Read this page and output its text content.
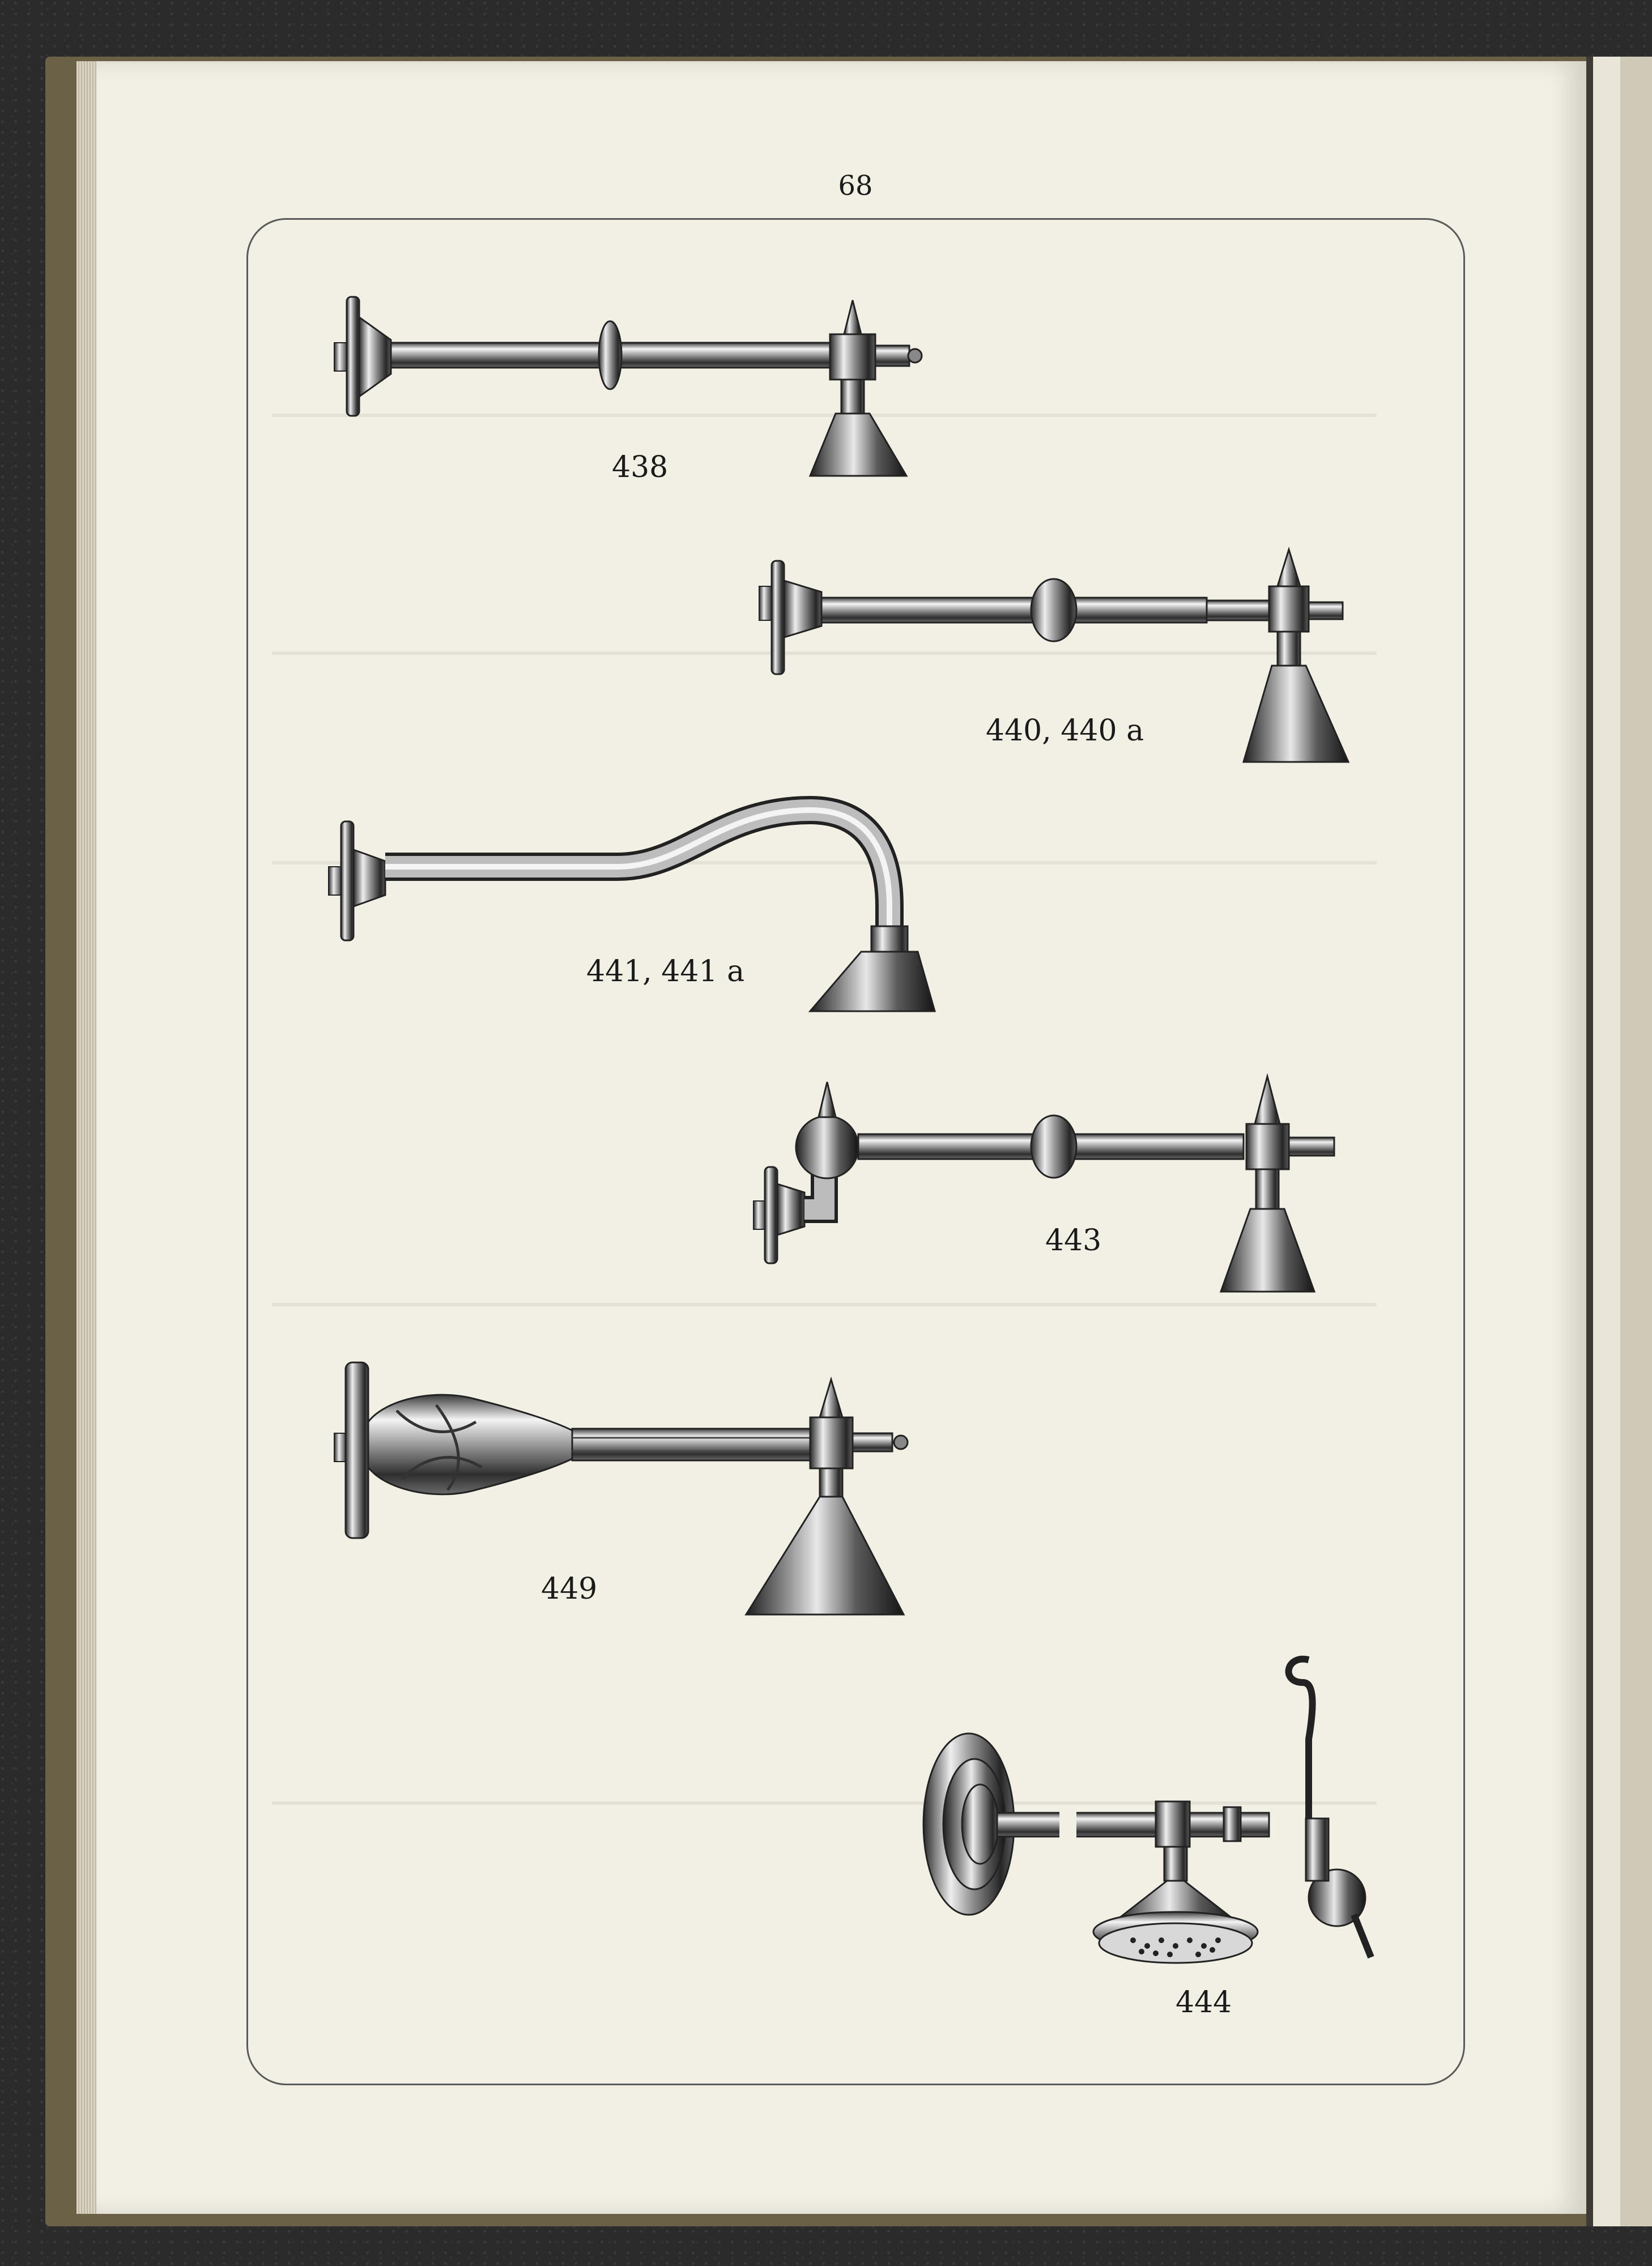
68
438
440, 440 a
441, 441 a
443
449
444
